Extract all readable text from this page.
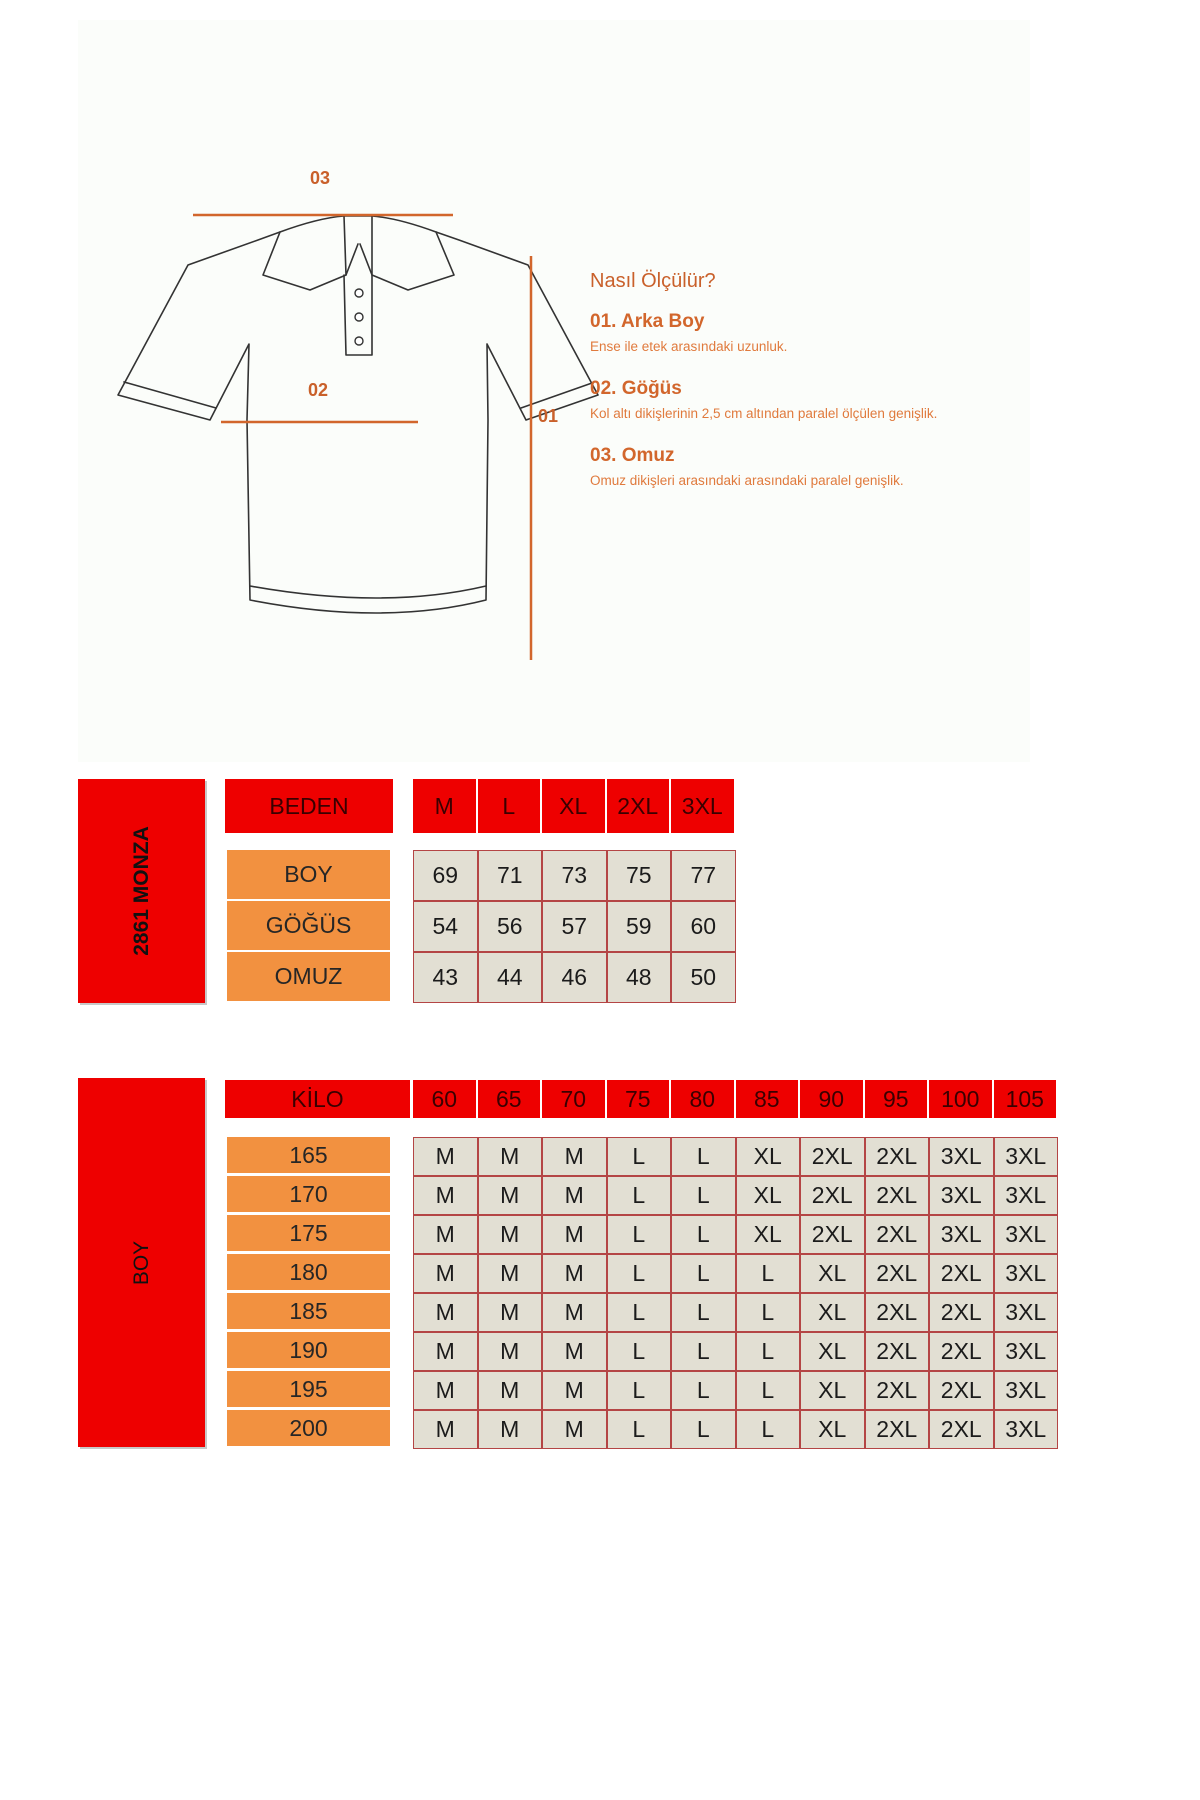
03
02
01
Nasıl Ölçülür?
01. Arka Boy
Ense ile etek arasındaki uzunluk.
02. Göğüs
Kol altı dikişlerinin 2,5 cm altından paralel ölçülen genişlik.
03. Omuz
Omuz dikişleri arasındaki arasındaki paralel genişlik.
2861 MONZA
BEDEN	M	L	XL	2XL	3XL
BOY	69	71	73	75	77
GÖĞÜS	54	56	57	59	60
OMUZ	43	44	46	48	50
BOY
KİLO	60	65	70	75	80	85	90	95	100	105
165	M	M	M	L	L	XL	2XL	2XL	3XL	3XL
170	M	M	M	L	L	XL	2XL	2XL	3XL	3XL
175	M	M	M	L	L	XL	2XL	2XL	3XL	3XL
180	M	M	M	L	L	L	XL	2XL	2XL	3XL
185	M	M	M	L	L	L	XL	2XL	2XL	3XL
190	M	M	M	L	L	L	XL	2XL	2XL	3XL
195	M	M	M	L	L	L	XL	2XL	2XL	3XL
200	M	M	M	L	L	L	XL	2XL	2XL	3XL
